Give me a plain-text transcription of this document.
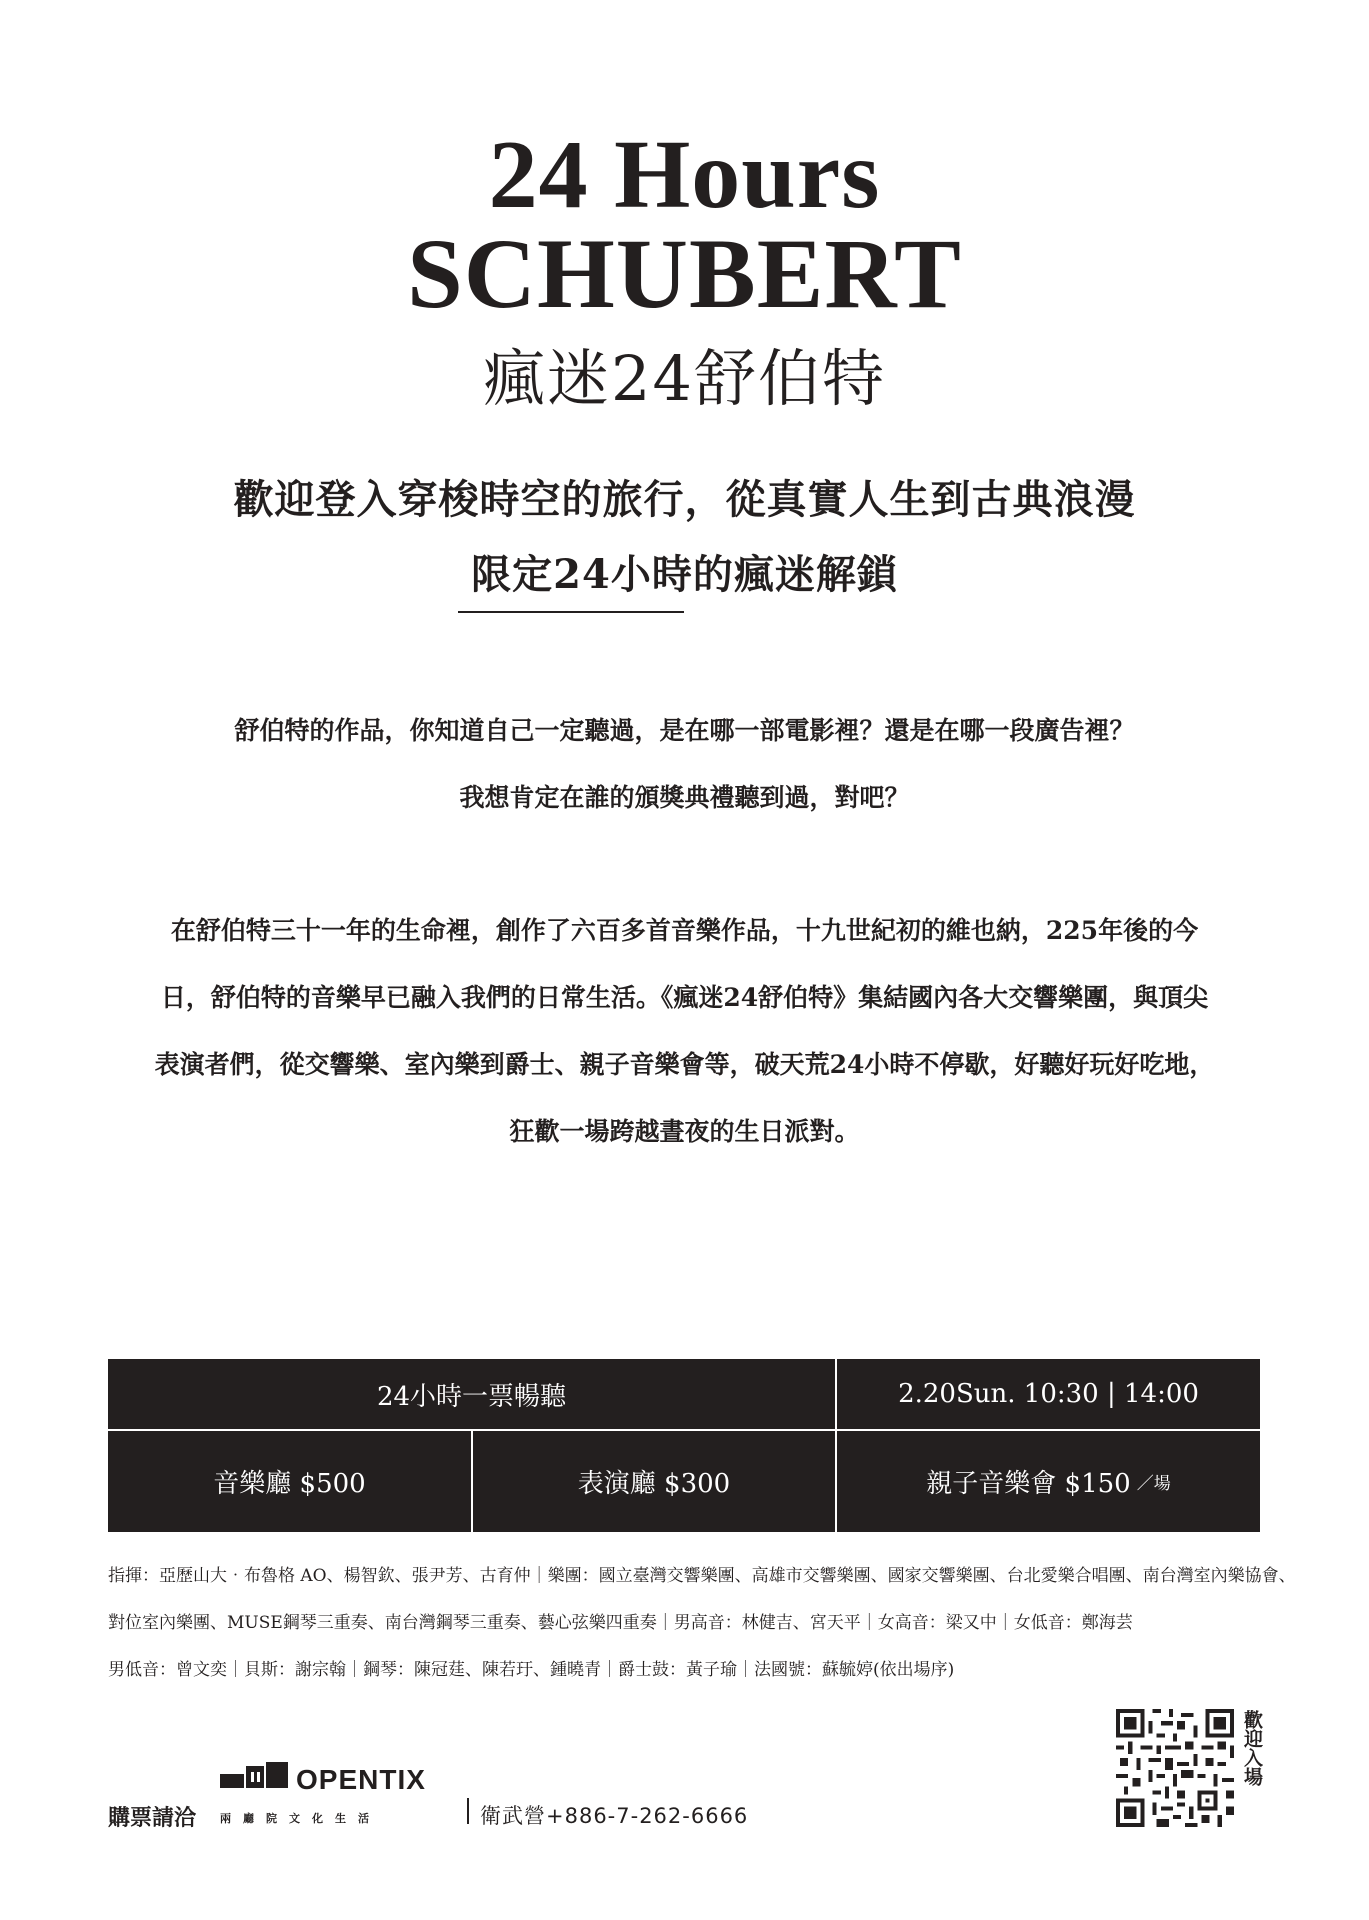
24 Hours
SCHUBERT
瘋迷24舒伯特
歡迎登入穿梭時空的旅行，從真實人生到古典浪漫
限定24小時的瘋迷解鎖
舒伯特的作品，你知道自己一定聽過，是在哪一部電影裡？還是在哪一段廣告裡？
我想肯定在誰的頒獎典禮聽到過，對吧？
在舒伯特三十一年的生命裡，創作了六百多首音樂作品，十九世紀初的維也納，225年後的今
日，舒伯特的音樂早已融入我們的日常生活。《瘋迷24舒伯特》集結國內各大交響樂團，與頂尖
表演者們，從交響樂、室內樂到爵士、親子音樂會等，破天荒24小時不停歇，好聽好玩好吃地，
狂歡一場跨越晝夜的生日派對。
24小時一票暢聽	2.20Sun. 10:30 | 14:00
音樂廳 $500	表演廳 $300	親子音樂會 $150 ／場
指揮：亞歷山大‧布魯格 AO、楊智欽、張尹芳、古育仲｜樂團：國立臺灣交響樂團、高雄市交響樂團、國家交響樂團、台北愛樂合唱團、南台灣室內樂協會、
對位室內樂團、MUSE鋼琴三重奏、南台灣鋼琴三重奏、藝心弦樂四重奏｜男高音：林健吉、宮天平｜女高音：梁又中｜女低音：鄭海芸
男低音：曾文奕｜貝斯：謝宗翰｜鋼琴：陳冠莛、陳若玗、鍾曉青｜爵士鼓：黃子瑜｜法國號：蘇毓婷(依出場序)
購票請洽
OPENTIX
兩廳院文化生活	衛武營+886-7-262-6666
歡迎入場
